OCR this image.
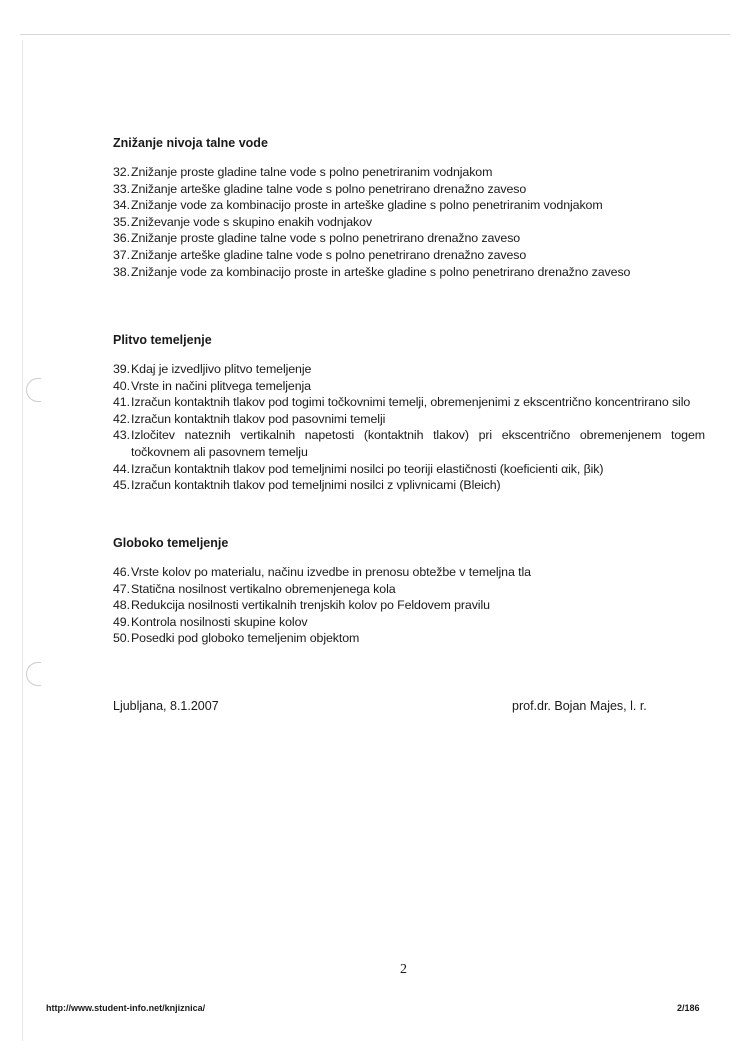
Znižanje nivoja talne vode
32.Znižanje proste gladine talne vode s polno penetriranim vodnjakom
33.Znižanje arteške gladine talne vode s polno penetrirano drenažno zaveso
34.Znižanje vode za kombinacijo proste in arteške gladine s polno penetriranim vodnjakom
35.Zniževanje vode s skupino enakih vodnjakov
36.Znižanje proste gladine talne vode s polno penetrirano drenažno zaveso
37.Znižanje arteške gladine talne vode s polno penetrirano drenažno zaveso
38.Znižanje vode za kombinacijo proste in arteške gladine s polno penetrirano drenažno zaveso
Plitvo temeljenje
39.Kdaj je izvedljivo plitvo temeljenje
40.Vrste in načini plitvega temeljenja
41.Izračun kontaktnih tlakov pod togimi točkovnimi temelji, obremenjenimi z ekscentrično koncentrirano silo
42.Izračun kontaktnih tlakov pod pasovnimi temelji
43.Izločitev nateznih vertikalnih napetosti (kontaktnih tlakov) pri ekscentrično obremenjenem togem točkovnem ali pasovnem temelju
44.Izračun kontaktnih tlakov pod temeljnimi nosilci po teoriji elastičnosti (koeficienti αik, βik)
45.Izračun kontaktnih tlakov pod temeljnimi nosilci z vplivnicami (Bleich)
Globoko temeljenje
46.Vrste kolov po materialu, načinu izvedbe in prenosu obtežbe v temeljna tla
47.Statična nosilnost vertikalno obremenjenega kola
48.Redukcija nosilnosti vertikalnih trenjskih kolov po Feldovem pravilu
49.Kontrola nosilnosti skupine kolov
50.Posedki pod globoko temeljenim objektom
Ljubljana, 8.1.2007	prof.dr. Bojan Majes, l. r.
2
http://www.student-info.net/knjiznica/	2/186
